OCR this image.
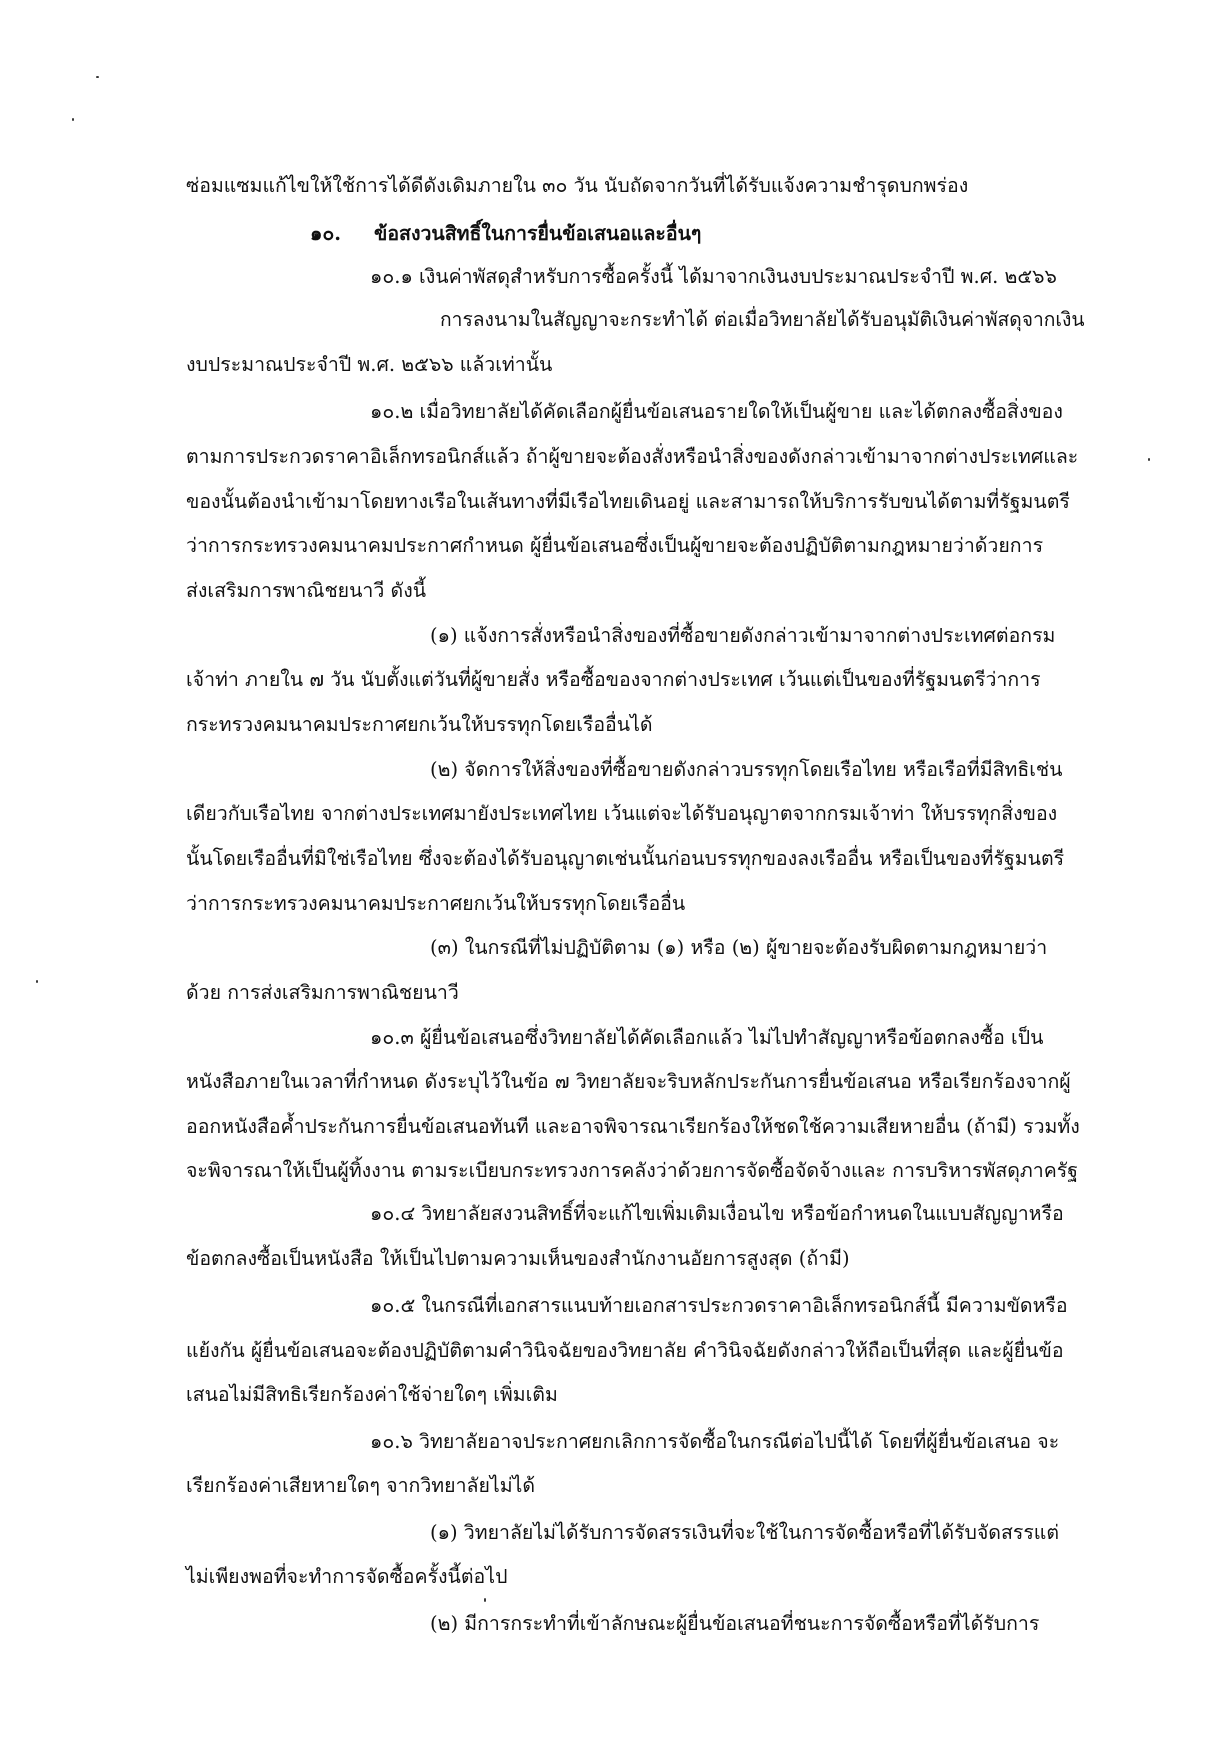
ซ่อมแซมแก้ไขให้ใช้การได้ดีดังเดิมภายใน ๓๐ วัน นับถัดจากวันที่ได้รับแจ้งความชำรุดบกพร่อง
๑๐. ข้อสงวนสิทธิ์ในการยื่นข้อเสนอและอื่นๆ
๑๐.๑ เงินค่าพัสดุสำหรับการซื้อครั้งนี้ ได้มาจากเงินงบประมาณประจำปี พ.ศ. ๒๕๖๖
การลงนามในสัญญาจะกระทำได้ ต่อเมื่อวิทยาลัยได้รับอนุมัติเงินค่าพัสดุจากเงิน
งบประมาณประจำปี พ.ศ. ๒๕๖๖ แล้วเท่านั้น
๑๐.๒ เมื่อวิทยาลัยได้คัดเลือกผู้ยื่นข้อเสนอรายใดให้เป็นผู้ขาย และได้ตกลงซื้อสิ่งของ
ตามการประกวดราคาอิเล็กทรอนิกส์แล้ว ถ้าผู้ขายจะต้องสั่งหรือนำสิ่งของดังกล่าวเข้ามาจากต่างประเทศและ
ของนั้นต้องนำเข้ามาโดยทางเรือในเส้นทางที่มีเรือไทยเดินอยู่ และสามารถให้บริการรับขนได้ตามที่รัฐมนตรี
ว่าการกระทรวงคมนาคมประกาศกำหนด ผู้ยื่นข้อเสนอซึ่งเป็นผู้ขายจะต้องปฏิบัติตามกฎหมายว่าด้วยการ
ส่งเสริมการพาณิชยนาวี ดังนี้
(๑) แจ้งการสั่งหรือนำสิ่งของที่ซื้อขายดังกล่าวเข้ามาจากต่างประเทศต่อกรม
เจ้าท่า ภายใน ๗ วัน นับตั้งแต่วันที่ผู้ขายสั่ง หรือซื้อของจากต่างประเทศ เว้นแต่เป็นของที่รัฐมนตรีว่าการ
กระทรวงคมนาคมประกาศยกเว้นให้บรรทุกโดยเรืออื่นได้
(๒) จัดการให้สิ่งของที่ซื้อขายดังกล่าวบรรทุกโดยเรือไทย หรือเรือที่มีสิทธิเช่น
เดียวกับเรือไทย จากต่างประเทศมายังประเทศไทย เว้นแต่จะได้รับอนุญาตจากกรมเจ้าท่า ให้บรรทุกสิ่งของ
นั้นโดยเรืออื่นที่มิใช่เรือไทย ซึ่งจะต้องได้รับอนุญาตเช่นนั้นก่อนบรรทุกของลงเรืออื่น หรือเป็นของที่รัฐมนตรี
ว่าการกระทรวงคมนาคมประกาศยกเว้นให้บรรทุกโดยเรืออื่น
(๓) ในกรณีที่ไม่ปฏิบัติตาม (๑) หรือ (๒) ผู้ขายจะต้องรับผิดตามกฎหมายว่า
ด้วย การส่งเสริมการพาณิชยนาวี
๑๐.๓ ผู้ยื่นข้อเสนอซึ่งวิทยาลัยได้คัดเลือกแล้ว ไม่ไปทำสัญญาหรือข้อตกลงซื้อ เป็น
หนังสือภายในเวลาที่กำหนด ดังระบุไว้ในข้อ ๗ วิทยาลัยจะริบหลักประกันการยื่นข้อเสนอ หรือเรียกร้องจากผู้
ออกหนังสือค้ำประกันการยื่นข้อเสนอทันที และอาจพิจารณาเรียกร้องให้ชดใช้ความเสียหายอื่น (ถ้ามี) รวมทั้ง
จะพิจารณาให้เป็นผู้ทิ้งงาน ตามระเบียบกระทรวงการคลังว่าด้วยการจัดซื้อจัดจ้างและ การบริหารพัสดุภาครัฐ
๑๐.๔ วิทยาลัยสงวนสิทธิ์ที่จะแก้ไขเพิ่มเติมเงื่อนไข หรือข้อกำหนดในแบบสัญญาหรือ
ข้อตกลงซื้อเป็นหนังสือ ให้เป็นไปตามความเห็นของสำนักงานอัยการสูงสุด (ถ้ามี)
๑๐.๕ ในกรณีที่เอกสารแนบท้ายเอกสารประกวดราคาอิเล็กทรอนิกส์นี้ มีความขัดหรือ
แย้งกัน ผู้ยื่นข้อเสนอจะต้องปฏิบัติตามคำวินิจฉัยของวิทยาลัย คำวินิจฉัยดังกล่าวให้ถือเป็นที่สุด และผู้ยื่นข้อ
เสนอไม่มีสิทธิเรียกร้องค่าใช้จ่ายใดๆ เพิ่มเติม
๑๐.๖ วิทยาลัยอาจประกาศยกเลิกการจัดซื้อในกรณีต่อไปนี้ได้ โดยที่ผู้ยื่นข้อเสนอ จะ
เรียกร้องค่าเสียหายใดๆ จากวิทยาลัยไม่ได้
(๑) วิทยาลัยไม่ได้รับการจัดสรรเงินที่จะใช้ในการจัดซื้อหรือที่ได้รับจัดสรรแต่
ไม่เพียงพอที่จะทำการจัดซื้อครั้งนี้ต่อไป
(๒) มีการกระทำที่เข้าลักษณะผู้ยื่นข้อเสนอที่ชนะการจัดซื้อหรือที่ได้รับการ
